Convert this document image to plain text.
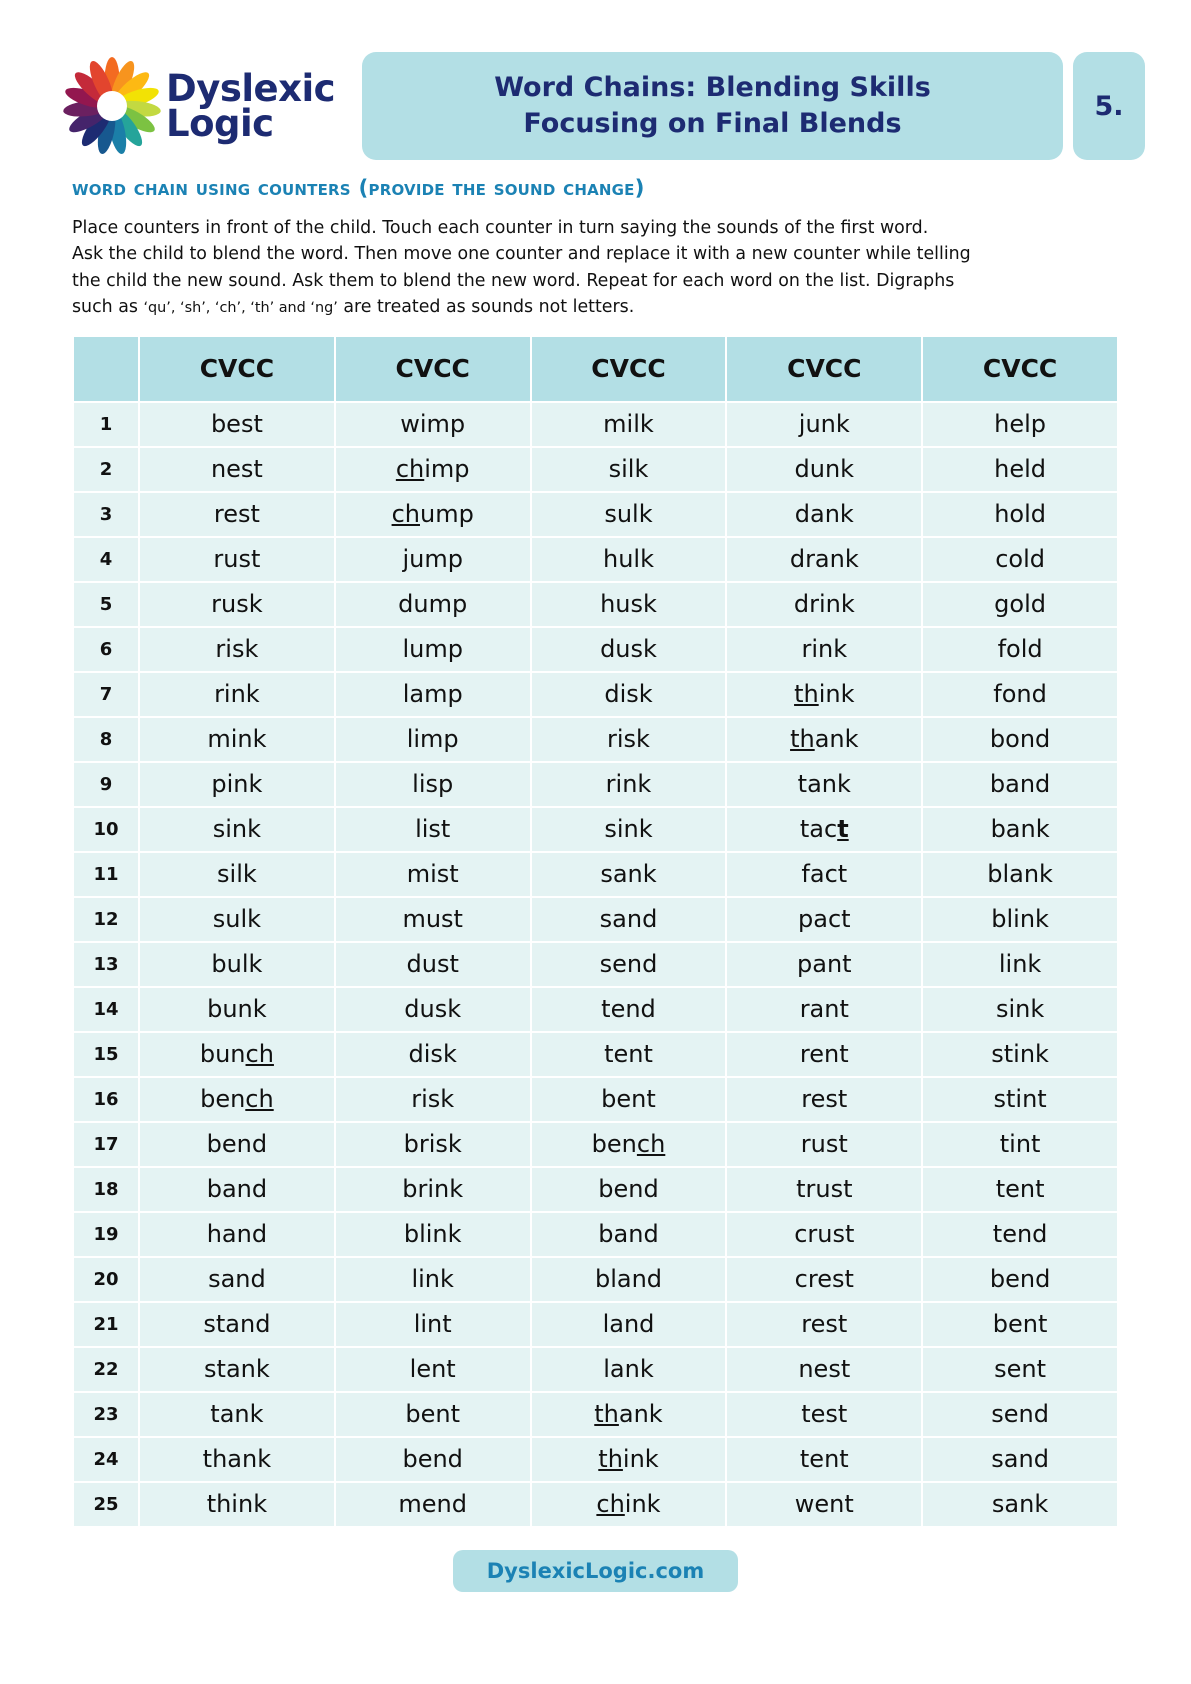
Dyslexic
Logic
Word Chains: Blending Skills
Focusing on Final Blends
5.
word chain using counters (provide the sound change)
Place counters in front of the child. Touch each counter in turn saying the sounds of the first word.
Ask the child to blend the word. Then move one counter and replace it with a new counter while telling
the child the new sound. Ask them to blend the new word. Repeat for each word on the list. Digraphs
such as ‘qu’, ‘sh’, ‘ch’, ‘th’ and ‘ng’ are treated as sounds not letters.
	CVCC	CVCC	CVCC	CVCC	CVCC
1	best	wimp	milk	junk	help
2	nest	chimp	silk	dunk	held
3	rest	chump	sulk	dank	hold
4	rust	jump	hulk	drank	cold
5	rusk	dump	husk	drink	gold
6	risk	lump	dusk	rink	fold
7	rink	lamp	disk	think	fond
8	mink	limp	risk	thank	bond
9	pink	lisp	rink	tank	band
10	sink	list	sink	tact	bank
11	silk	mist	sank	fact	blank
12	sulk	must	sand	pact	blink
13	bulk	dust	send	pant	link
14	bunk	dusk	tend	rant	sink
15	bunch	disk	tent	rent	stink
16	bench	risk	bent	rest	stint
17	bend	brisk	bench	rust	tint
18	band	brink	bend	trust	tent
19	hand	blink	band	crust	tend
20	sand	link	bland	crest	bend
21	stand	lint	land	rest	bent
22	stank	lent	lank	nest	sent
23	tank	bent	thank	test	send
24	thank	bend	think	tent	sand
25	think	mend	chink	went	sank
DyslexicLogic.com
